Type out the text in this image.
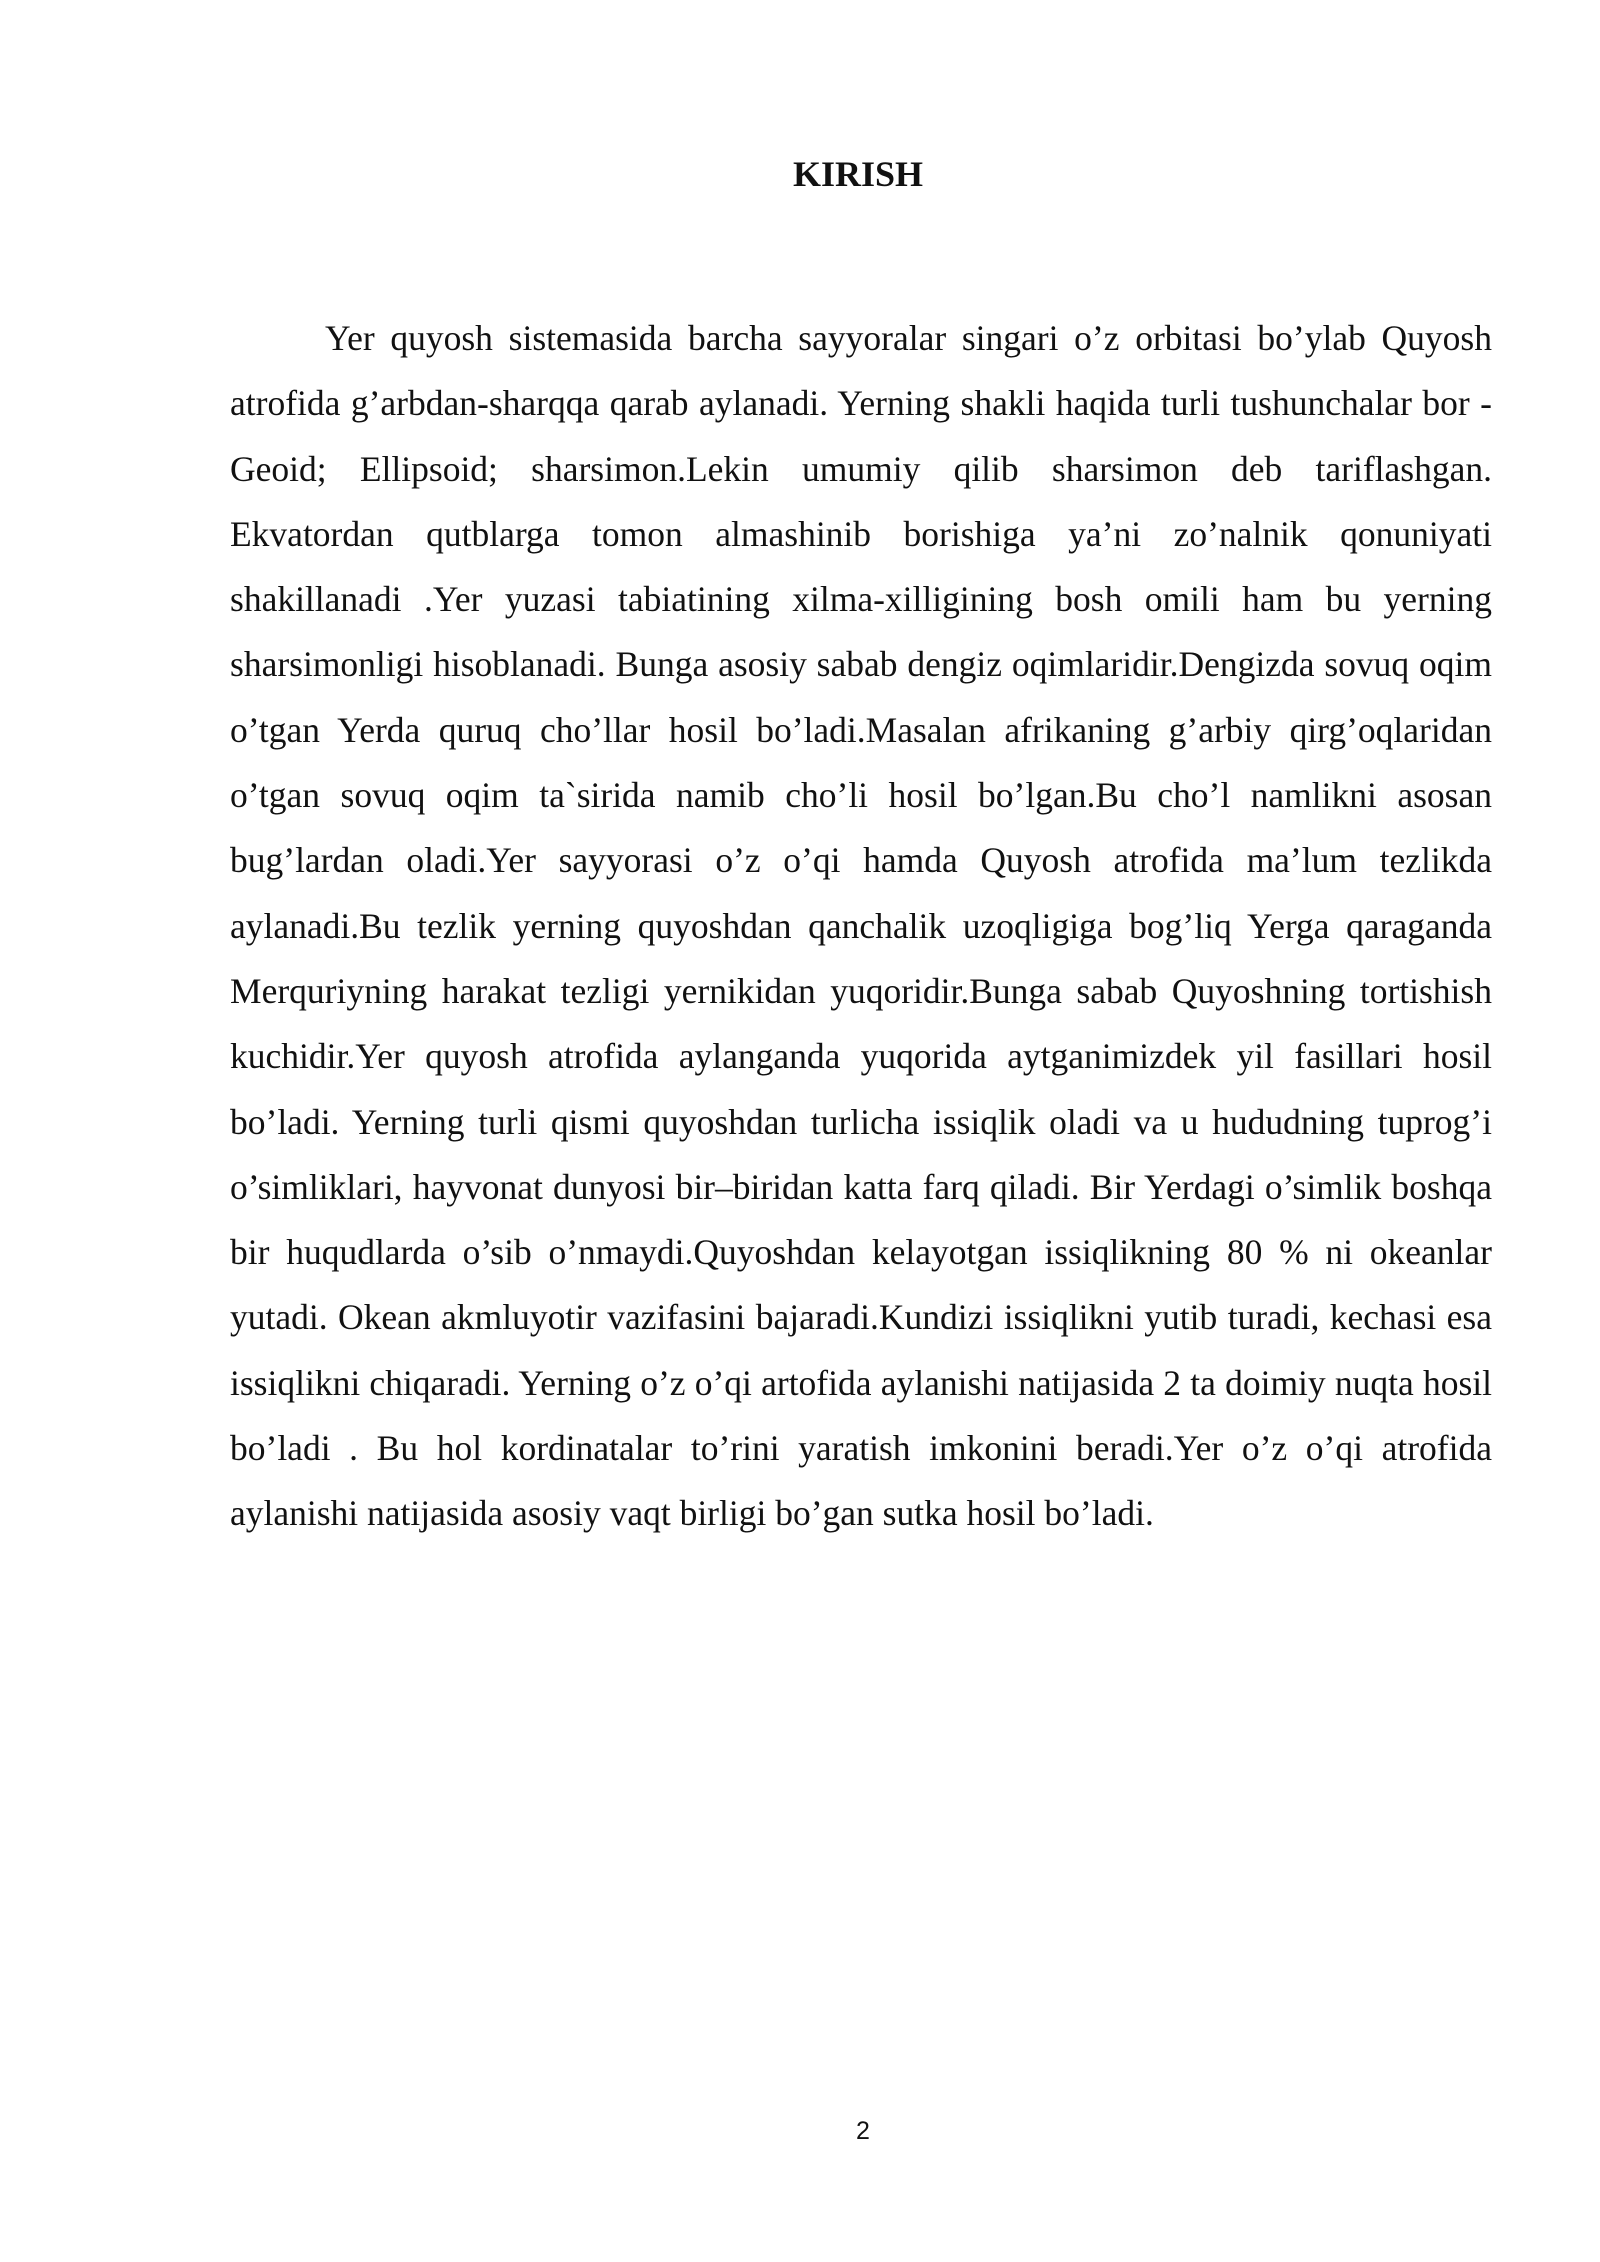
KIRISH

Yer quyosh sistemasida barcha sayyoralar singari o’z orbitasi bo’ylab Quyosh atrofida g’arbdan-sharqqa qarab aylanadi. Yerning shakli haqida turli tushunchalar bor -Geoid; Ellipsoid; sharsimon.Lekin umumiy qilib sharsimon deb tariflashgan. Ekvatordan qutblarga tomon almashinib borishiga ya’ni zo’nalnik qonuniyati shakillanadi .Yer yuzasi tabiatining xilma-xilligining bosh omili ham bu yerning sharsimonligi hisoblanadi. Bunga asosiy sabab dengiz oqimlaridir.Dengizda sovuq oqim o’tgan Yerda quruq cho’llar hosil bo’ladi.Masalan afrikaning g’arbiy qirg’oqlaridan o’tgan sovuq oqim ta`sirida namib cho’li hosil bo’lgan.Bu cho’l namlikni asosan bug’lardan oladi.Yer sayyorasi o’z o’qi hamda Quyosh atrofida ma’lum tezlikda aylanadi.Bu tezlik yerning quyoshdan qanchalik uzoqligiga bog’liq Yerga qaraganda Merquriyning harakat tezligi yernikidan yuqoridir.Bunga sabab Quyoshning tortishish kuchidir.Yer quyosh atrofida aylanganda yuqorida aytganimizdek yil fasillari hosil bo’ladi. Yerning turli qismi quyoshdan turlicha issiqlik oladi va u hududning tuprog’i o’simliklari, hayvonat dunyosi bir–biridan katta farq qiladi. Bir Yerdagi o’simlik boshqa bir huqudlarda o’sib o’nmaydi.Quyoshdan kelayotgan issiqlikning 80 % ni okeanlar yutadi. Okean akmluyotir vazifasini bajaradi.Kundizi issiqlikni yutib turadi, kechasi esa issiqlikni chiqaradi. Yerning o’z o’qi artofida aylanishi natijasida 2 ta doimiy nuqta hosil bo’ladi . Bu hol kordinatalar to’rini yaratish imkonini beradi.Yer o’z o’qi atrofida aylanishi natijasida asosiy vaqt birligi bo’gan sutka hosil bo’ladi.

2
